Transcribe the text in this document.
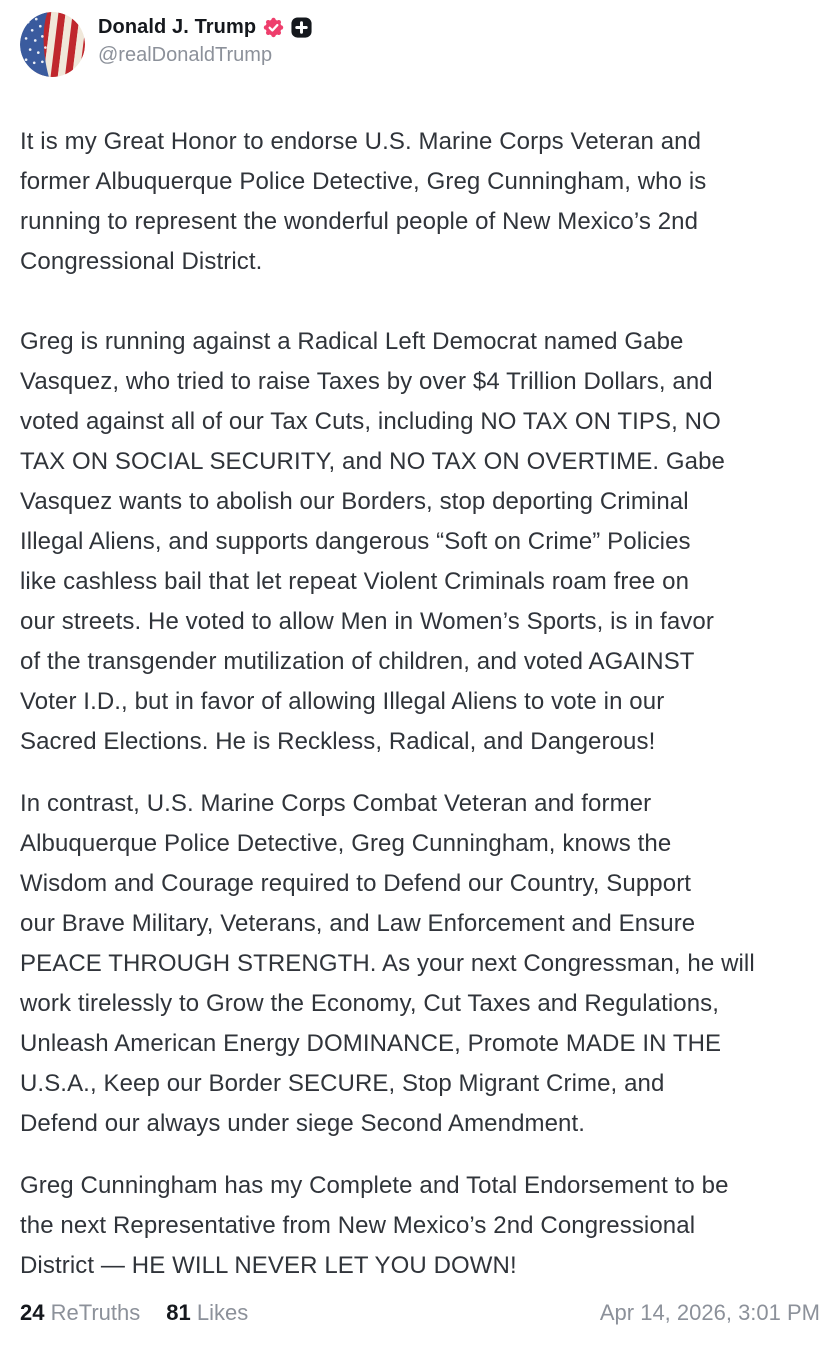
Donald J. Trump
@realDonaldTrump

It is my Great Honor to endorse U.S. Marine Corps Veteran and
former Albuquerque Police Detective, Greg Cunningham, who is
running to represent the wonderful people of New Mexico’s 2nd
Congressional District.

Greg is running against a Radical Left Democrat named Gabe
Vasquez, who tried to raise Taxes by over $4 Trillion Dollars, and
voted against all of our Tax Cuts, including NO TAX ON TIPS, NO
TAX ON SOCIAL SECURITY, and NO TAX ON OVERTIME. Gabe
Vasquez wants to abolish our Borders, stop deporting Criminal
Illegal Aliens, and supports dangerous “Soft on Crime” Policies
like cashless bail that let repeat Violent Criminals roam free on
our streets. He voted to allow Men in Women’s Sports, is in favor
of the transgender mutilization of children, and voted AGAINST
Voter I.D., but in favor of allowing Illegal Aliens to vote in our
Sacred Elections. He is Reckless, Radical, and Dangerous!

In contrast, U.S. Marine Corps Combat Veteran and former
Albuquerque Police Detective, Greg Cunningham, knows the
Wisdom and Courage required to Defend our Country, Support
our Brave Military, Veterans, and Law Enforcement and Ensure
PEACE THROUGH STRENGTH. As your next Congressman, he will
work tirelessly to Grow the Economy, Cut Taxes and Regulations,
Unleash American Energy DOMINANCE, Promote MADE IN THE
U.S.A., Keep our Border SECURE, Stop Migrant Crime, and
Defend our always under siege Second Amendment.

Greg Cunningham has my Complete and Total Endorsement to be
the next Representative from New Mexico’s 2nd Congressional
District — HE WILL NEVER LET YOU DOWN!

24 ReTruths 81 Likes	Apr 14, 2026, 3:01 PM
